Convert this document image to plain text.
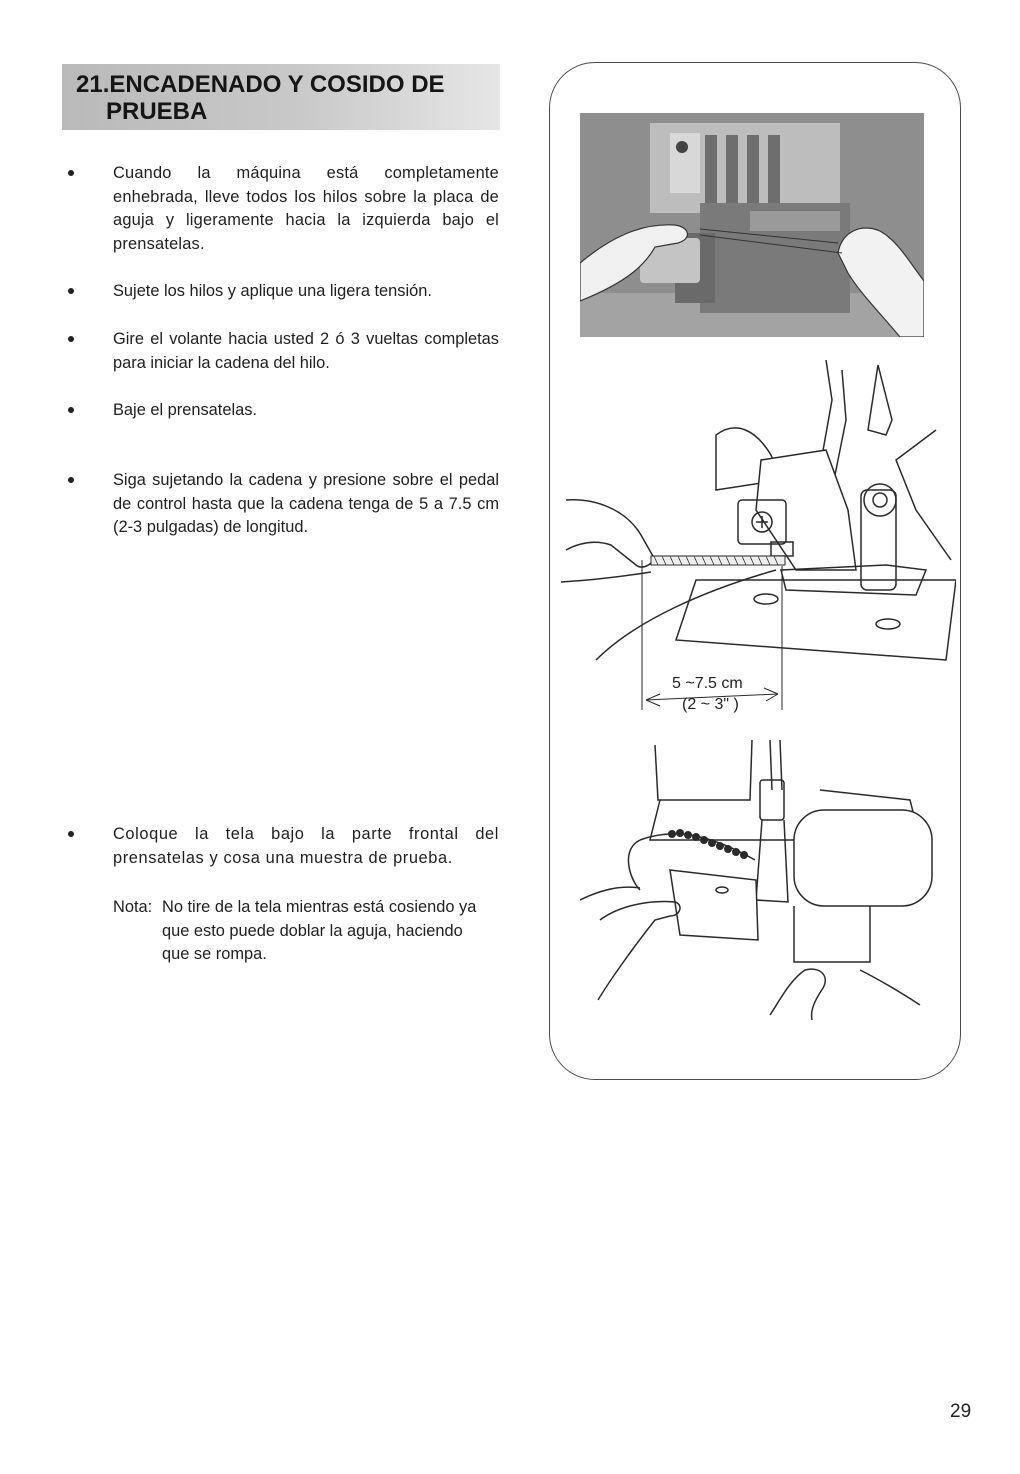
21.ENCADENADO Y COSIDO DE
PRUEBA
Cuando la máquina está completamente enhebrada, lleve todos los hilos sobre la placa de aguja y ligeramente hacia la izquierda bajo el prensatelas.
Sujete los hilos y aplique una ligera tensión.
Gire el volante hacia usted 2 ó 3 vueltas completas para iniciar la cadena del hilo.
Baje el prensatelas.
Siga sujetando la cadena y presione sobre el pedal de control hasta que la cadena tenga de 5 a 7.5 cm (2-3 pulgadas) de longitud.
Coloque la tela bajo la parte frontal del prensatelas y cosa una muestra de prueba.
Nota: No tire de la tela mientras está cosiendo ya
que esto puede doblar la aguja, haciendo
que se rompa.
5 ~7.5 cm
(2 ~ 3" )
29
